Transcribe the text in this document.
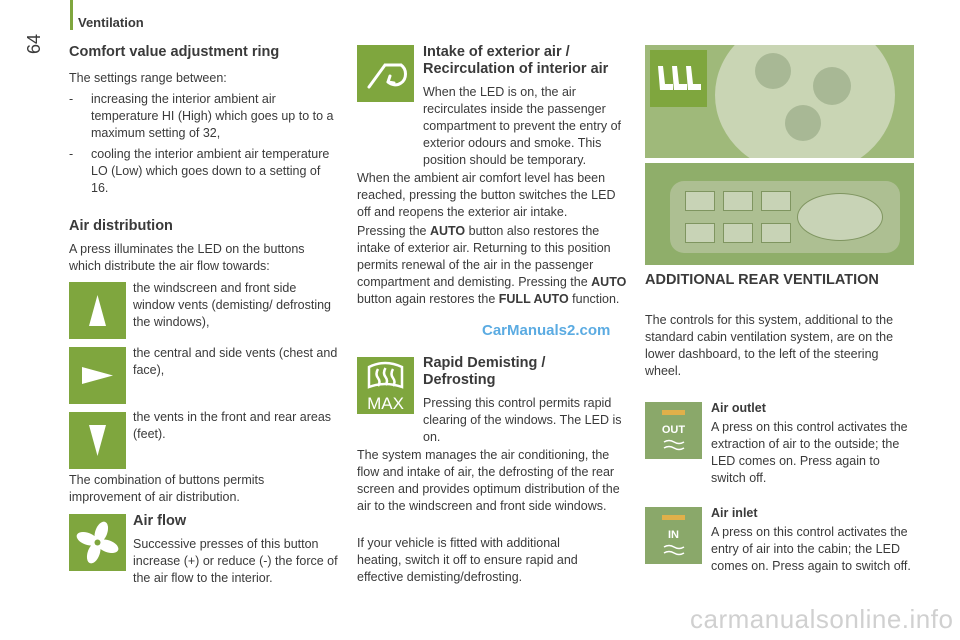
Ventilation
64 Comfort value adjustment ring

The settings range between:

- increasing the interior ambient air temperature HI (High) which goes up to to a maximum setting of 32,
- cooling the interior ambient air temperature LO (Low) which goes down to a setting of 16.

Air distribution

A press illuminates the LED on the buttons which distribute the air flow towards:

the windscreen and front side window vents (demisting/ defrosting the windows),

the central and side vents (chest and face),

the vents in the front and rear areas (feet).

The combination of buttons permits improvement of air distribution.

Air flow

Successive presses of this button increase (+) or reduce (-) the force of the air flow to the interior.

Intake of exterior air / Recirculation of interior air

When the LED is on, the air recirculates inside the passenger compartment to prevent the entry of exterior odours and smoke. This position should be temporary.

When the ambient air comfort level has been reached, pressing the button switches the LED off and reopens the exterior air intake.

Pressing the AUTO button also restores the intake of exterior air. Returning to this position permits renewal of the air in the passenger compartment and demisting. Pressing the AUTO button again restores the FULL AUTO function.

CarManuals2.com
MAX

Rapid Demisting / Defrosting

Pressing this control permits rapid clearing of the windows. The LED is on.

The system manages the air conditioning, the flow and intake of air, the defrosting of the rear screen and provides optimum distribution of the air to the windscreen and front side windows.

If your vehicle is fitted with additional heating, switch it off to ensure rapid and effective demisting/defrosting.

ADDITIONAL REAR VENTILATION

The controls for this system, additional to the standard cabin ventilation system, are on the lower dashboard, to the left of the steering wheel.

OUT

Air outlet

A press on this control activates the extraction of air to the outside; the LED comes on. Press again to switch off.

IN

Air inlet

A press on this control activates the entry of air into the cabin; the LED comes on. Press again to switch off.

carmanualsonline.info
